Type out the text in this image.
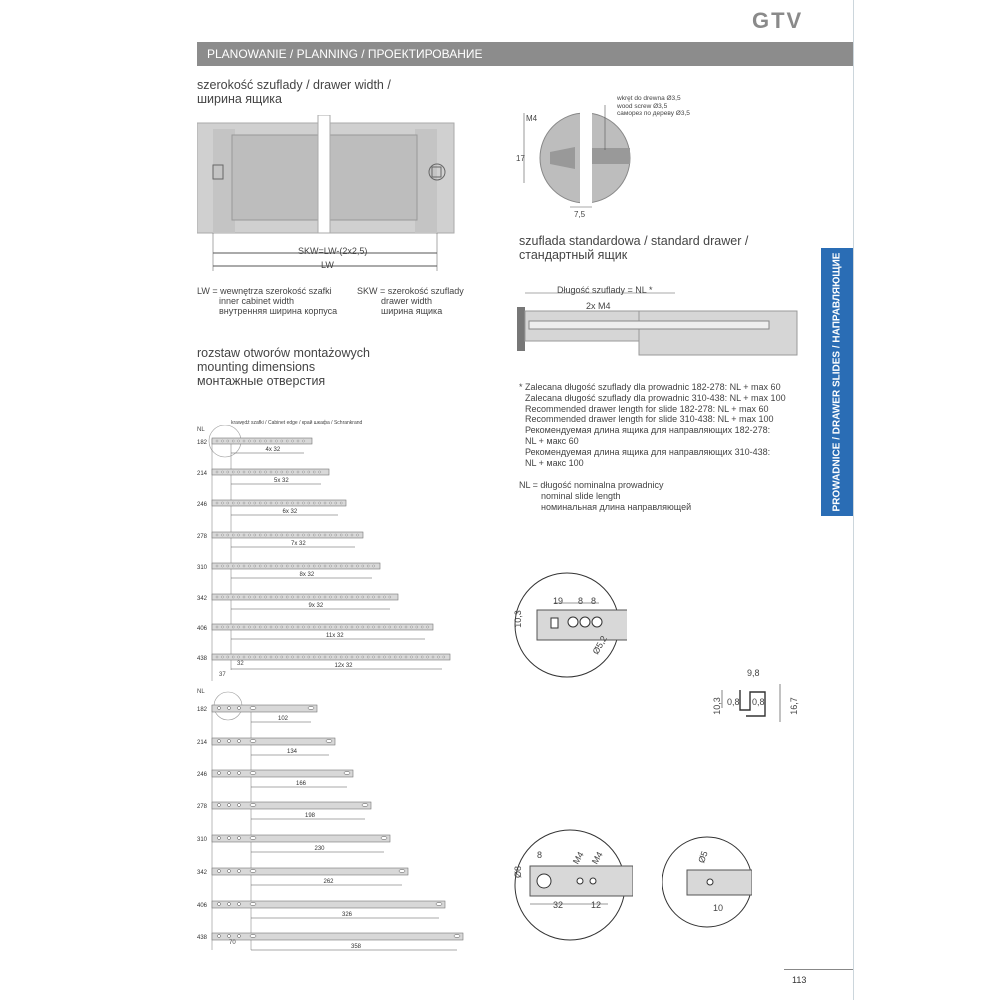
GTV
PLANOWANIE / PLANNING / ПРОЕКТИРОВАНИЕ
PROWADNICE / DRAWER SLIDES / НАПРАВЛЯЮЩИЕ
szerokość szuflady / drawer width /
ширина ящика
SKW=LW-(2x2,5)
LW
LW = wewnętrza szerokość szafki
inner cabinet width
внутренняя ширина корпуса
SKW = szerokość szuflady
drawer width
ширина ящика
M4
17
7,5
wkręt do drewna Ø3,5
wood screw Ø3,5
саморез по дереву Ø3,5
szuflada standardowa / standard drawer /
стандартный ящик
Długość szuflady = NL *
2x M4
* Zalecana długość szuflady dla prowadnic 182-278: NL + max 60
Zalecana długość szuflady dla prowadnic 310-438: NL + max 100
Recommended drawer length for slide 182-278: NL + max 60
Recommended drawer length for slide 310-438: NL + max 100
Рекомендуемая длина ящика для направляющих 182-278:
NL + макс 60
Рекомендуемая длина ящика для направляющих 310-438:
NL + макс 100
NL = długość nominalna prowadnicy
nominal slide length
номинальная длина направляющей
rozstaw otworów montażowych
mounting dimensions
монтажные отверстия
krawędź szafki / Cabinet edge / край шкафа / Schrankrand
NL
NL
4x 32
182
5x 32
214
6x 32
246
7x 32
278
8x 32
310
9x 32
342
11x 32
406
12x 32
438
102
182
134
214
166
246
198
278
230
310
262
342
326
406
358
438
37
32
70
19 8 8
10,3
Ø5,2
9,8
0,8 0,8
10,3	16,7
8
Ø8
M4 M4
32	12
Ø5
10
113
